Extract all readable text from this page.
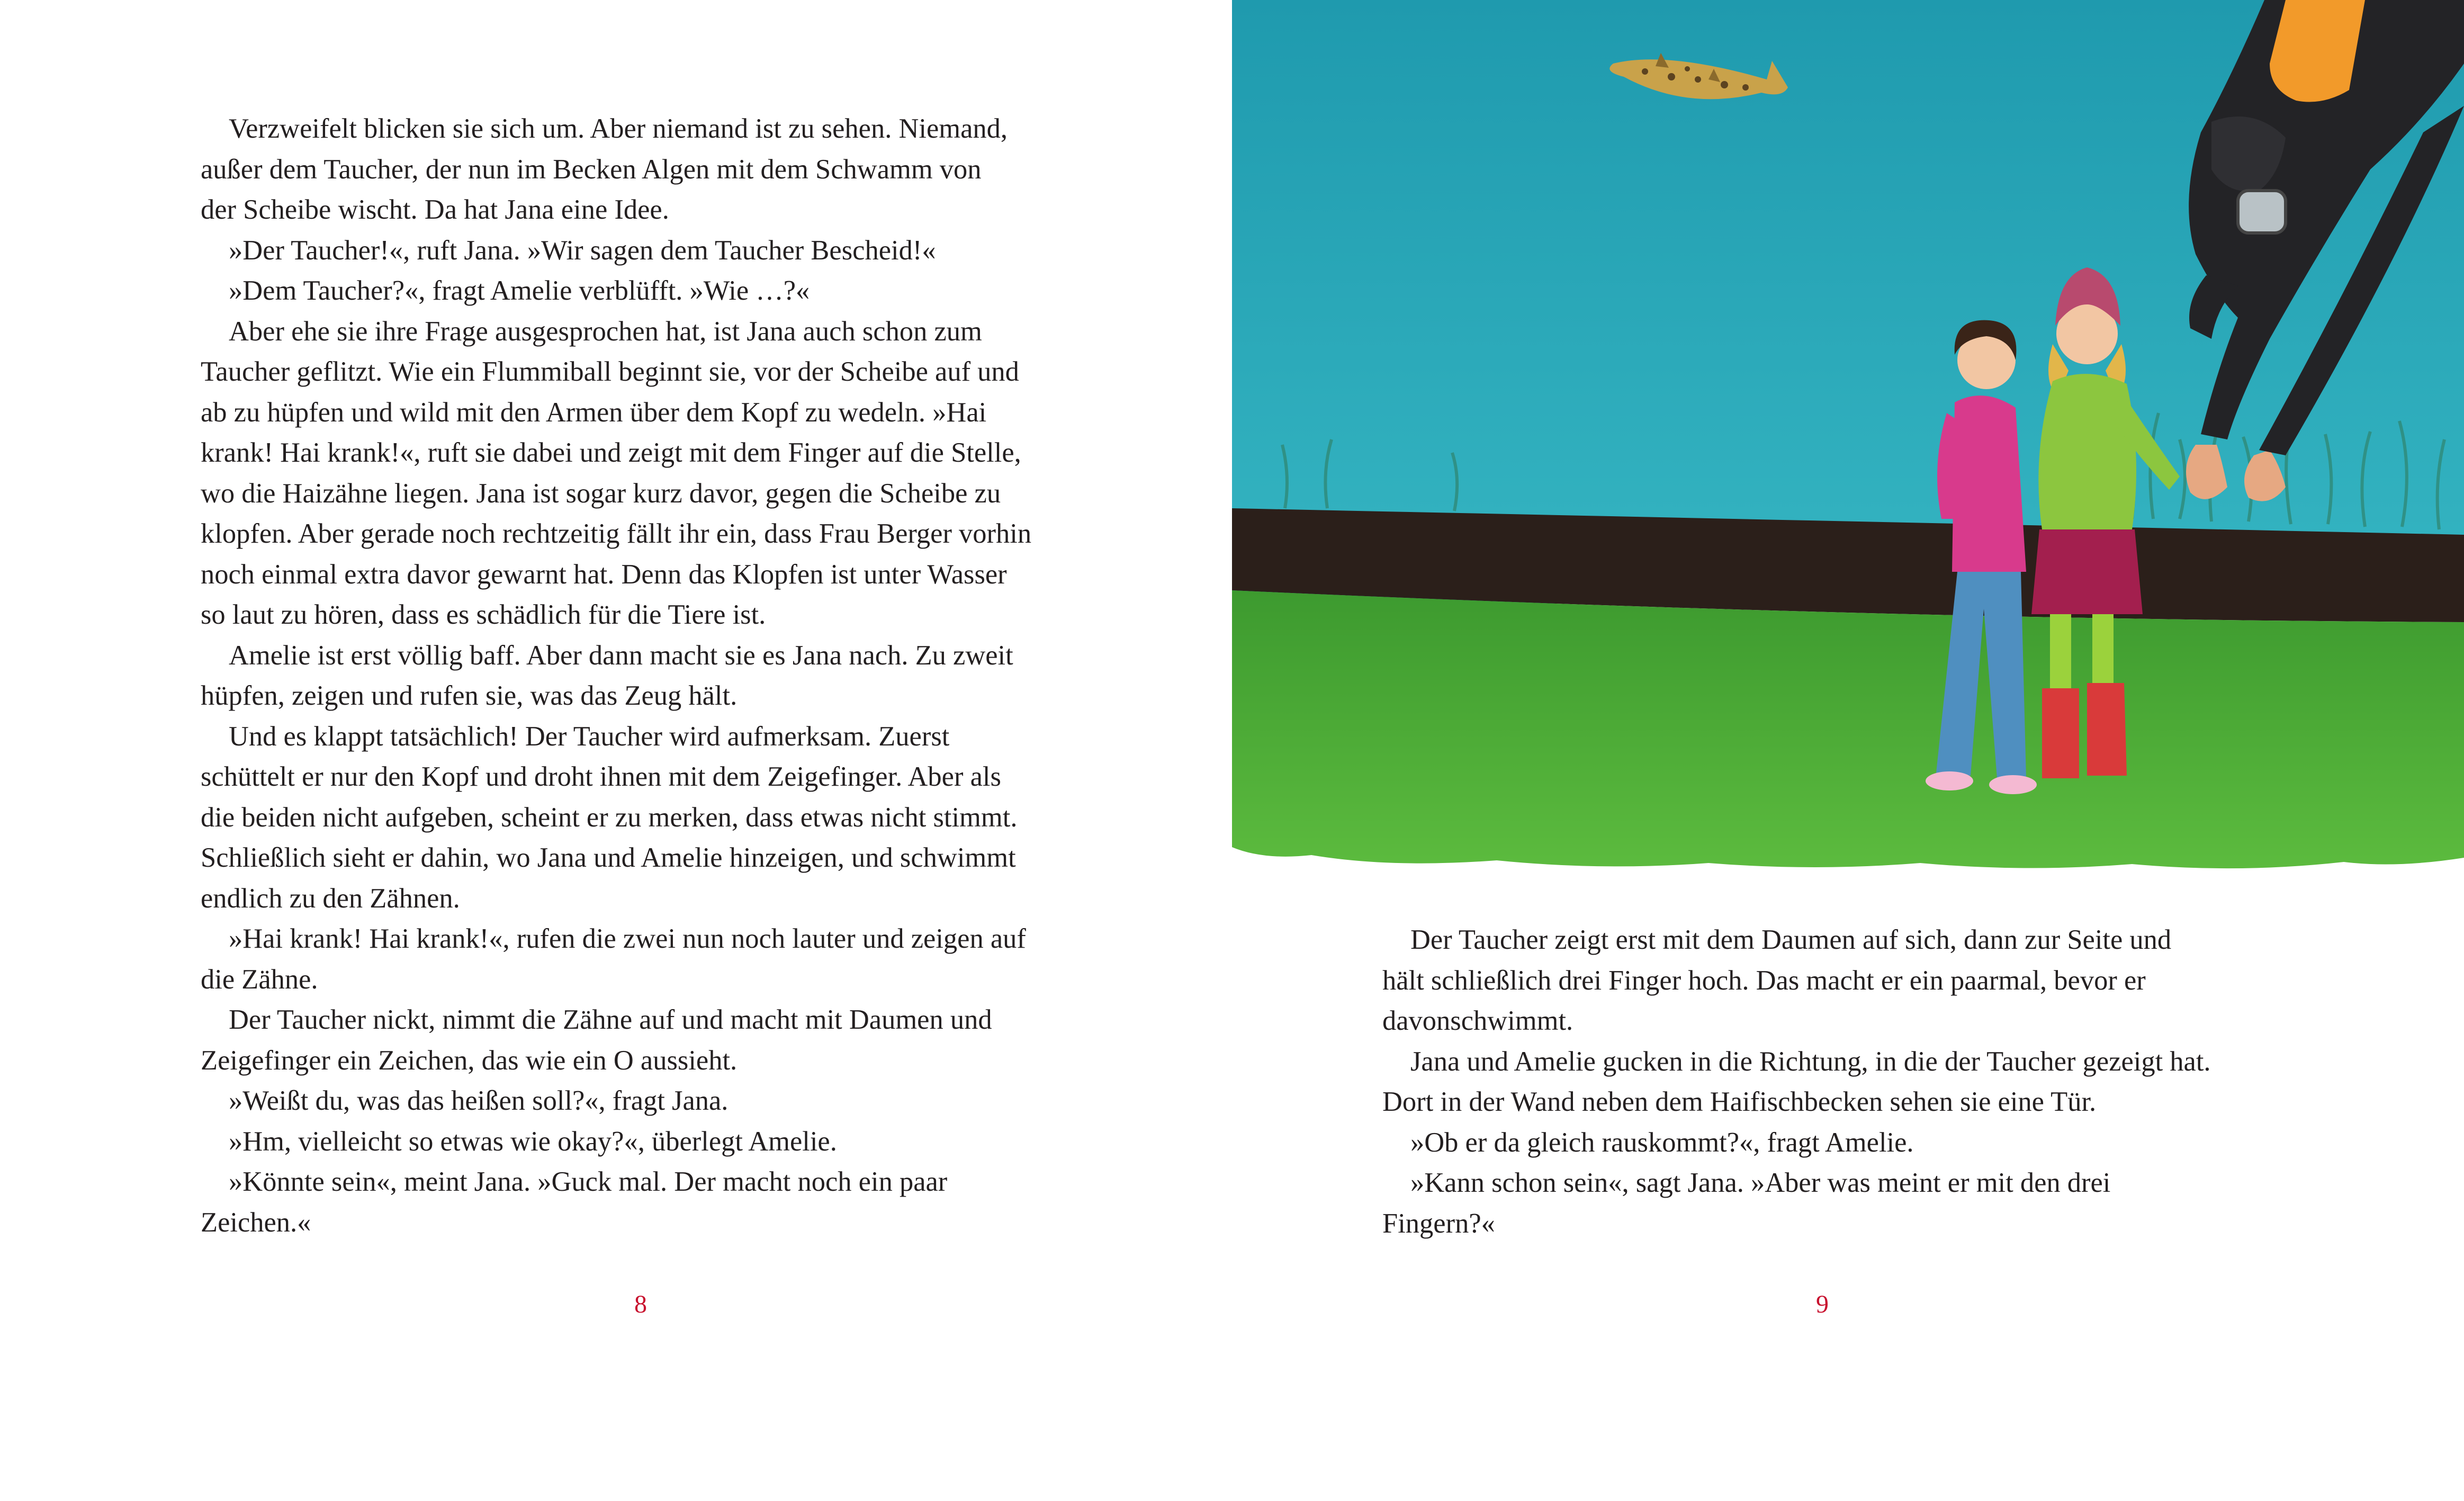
Verzweifelt blicken sie sich um. Aber niemand ist zu sehen. Niemand,
außer dem Taucher, der nun im Becken Algen mit dem Schwamm von
der Scheibe wischt. Da hat Jana eine Idee.
»Der Taucher!«, ruft Jana. »Wir sagen dem Taucher Bescheid!«
»Dem Taucher?«, fragt Amelie verblüfft. »Wie …?«
Aber ehe sie ihre Frage ausgesprochen hat, ist Jana auch schon zum
Taucher geflitzt. Wie ein Flummiball beginnt sie, vor der Scheibe auf und
ab zu hüpfen und wild mit den Armen über dem Kopf zu wedeln. »Hai
krank! Hai krank!«, ruft sie dabei und zeigt mit dem Finger auf die Stelle,
wo die Haizähne liegen. Jana ist sogar kurz davor, gegen die Scheibe zu
klopfen. Aber gerade noch rechtzeitig fällt ihr ein, dass Frau Berger vorhin
noch einmal extra davor gewarnt hat. Denn das Klopfen ist unter Wasser
so laut zu hören, dass es schädlich für die Tiere ist.
Amelie ist erst völlig baff. Aber dann macht sie es Jana nach. Zu zweit
hüpfen, zeigen und rufen sie, was das Zeug hält.
Und es klappt tatsächlich! Der Taucher wird aufmerksam. Zuerst
schüttelt er nur den Kopf und droht ihnen mit dem Zeigefinger. Aber als
die beiden nicht aufgeben, scheint er zu merken, dass etwas nicht stimmt.
Schließlich sieht er dahin, wo Jana und Amelie hinzeigen, und schwimmt
endlich zu den Zähnen.
»Hai krank! Hai krank!«, rufen die zwei nun noch lauter und zeigen auf
die Zähne.
Der Taucher nickt, nimmt die Zähne auf und macht mit Daumen und
Zeigefinger ein Zeichen, das wie ein O aussieht.
»Weißt du, was das heißen soll?«, fragt Jana.
»Hm, vielleicht so etwas wie okay?«, überlegt Amelie.
»Könnte sein«, meint Jana. »Guck mal. Der macht noch ein paar
Zeichen.«
8
Der Taucher zeigt erst mit dem Daumen auf sich, dann zur Seite und
hält schließlich drei Finger hoch. Das macht er ein paarmal, bevor er
davonschwimmt.
Jana und Amelie gucken in die Richtung, in die der Taucher gezeigt hat.
Dort in der Wand neben dem Haifischbecken sehen sie eine Tür.
»Ob er da gleich rauskommt?«, fragt Amelie.
»Kann schon sein«, sagt Jana. »Aber was meint er mit den drei
Fingern?«
9
